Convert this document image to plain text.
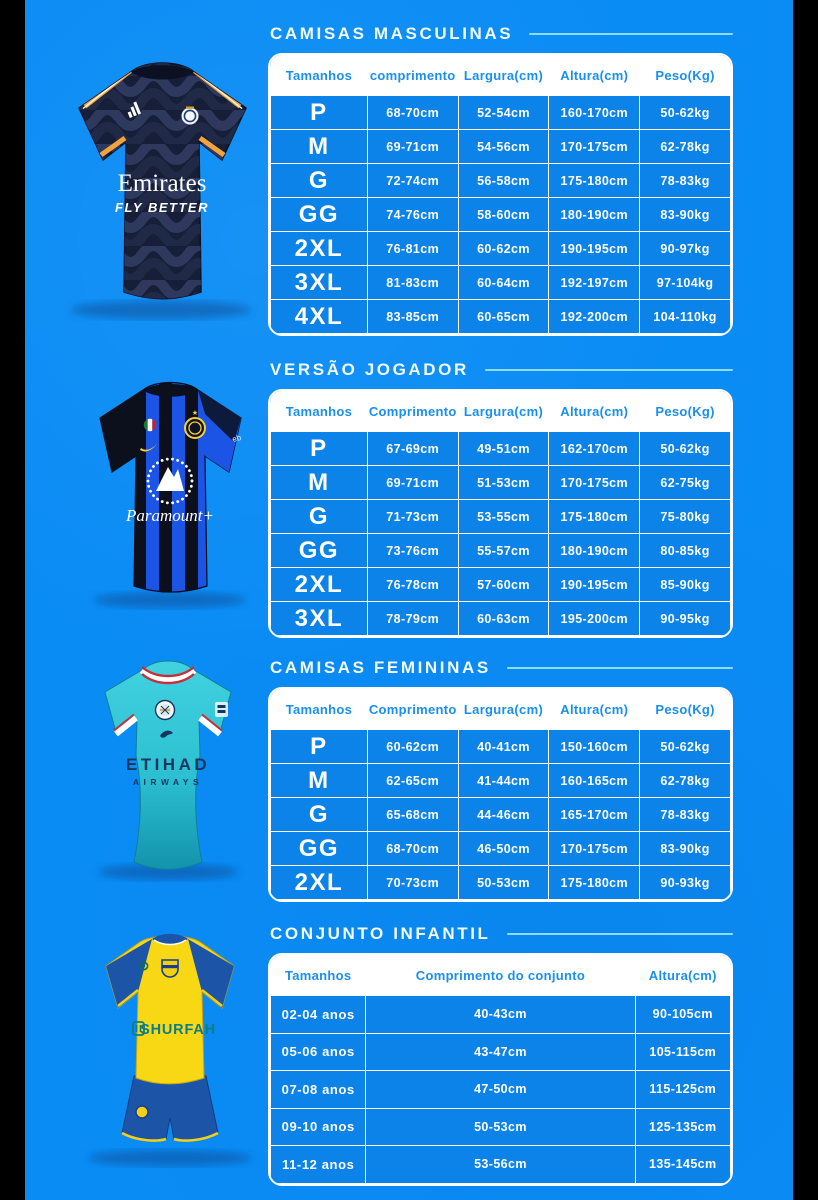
Emirates
FLY BETTER
CAMISAS MASCULINAS
Tamanhos	comprimento	Largura(cm)	Altura(cm)	Peso(Kg)
P	68-70cm	52-54cm	160-170cm	50-62kg
M	69-71cm	54-56cm	170-175cm	62-78kg
G	72-74cm	56-58cm	175-180cm	78-83kg
GG	74-76cm	58-60cm	180-190cm	83-90kg
2XL	76-81cm	60-62cm	190-195cm	90-97kg
3XL	81-83cm	60-64cm	192-197cm	97-104kg
4XL	83-85cm	60-65cm	192-200cm	104-110kg
★
Paramount+
eb
VERSÃO JOGADOR
Tamanhos	Comprimento	Largura(cm)	Altura(cm)	Peso(Kg)
P	67-69cm	49-51cm	162-170cm	50-62kg
M	69-71cm	51-53cm	170-175cm	62-75kg
G	71-73cm	53-55cm	175-180cm	75-80kg
GG	73-76cm	55-57cm	180-190cm	80-85kg
2XL	76-78cm	57-60cm	190-195cm	85-90kg
3XL	78-79cm	60-63cm	195-200cm	90-95kg
ETIHAD
AIRWAYS
CAMISAS FEMININAS
Tamanhos	Comprimento	Largura(cm)	Altura(cm)	Peso(Kg)
P	60-62cm	40-41cm	150-160cm	50-62kg
M	62-65cm	41-44cm	160-165cm	62-78kg
G	65-68cm	44-46cm	165-170cm	78-83kg
GG	68-70cm	46-50cm	170-175cm	83-90kg
2XL	70-73cm	50-53cm	175-180cm	90-93kg
SHURFAH
CONJUNTO INFANTIL
Tamanhos	Comprimento do conjunto	Altura(cm)
02-04 anos	40-43cm	90-105cm
05-06 anos	43-47cm	105-115cm
07-08 anos	47-50cm	115-125cm
09-10 anos	50-53cm	125-135cm
11-12 anos	53-56cm	135-145cm
